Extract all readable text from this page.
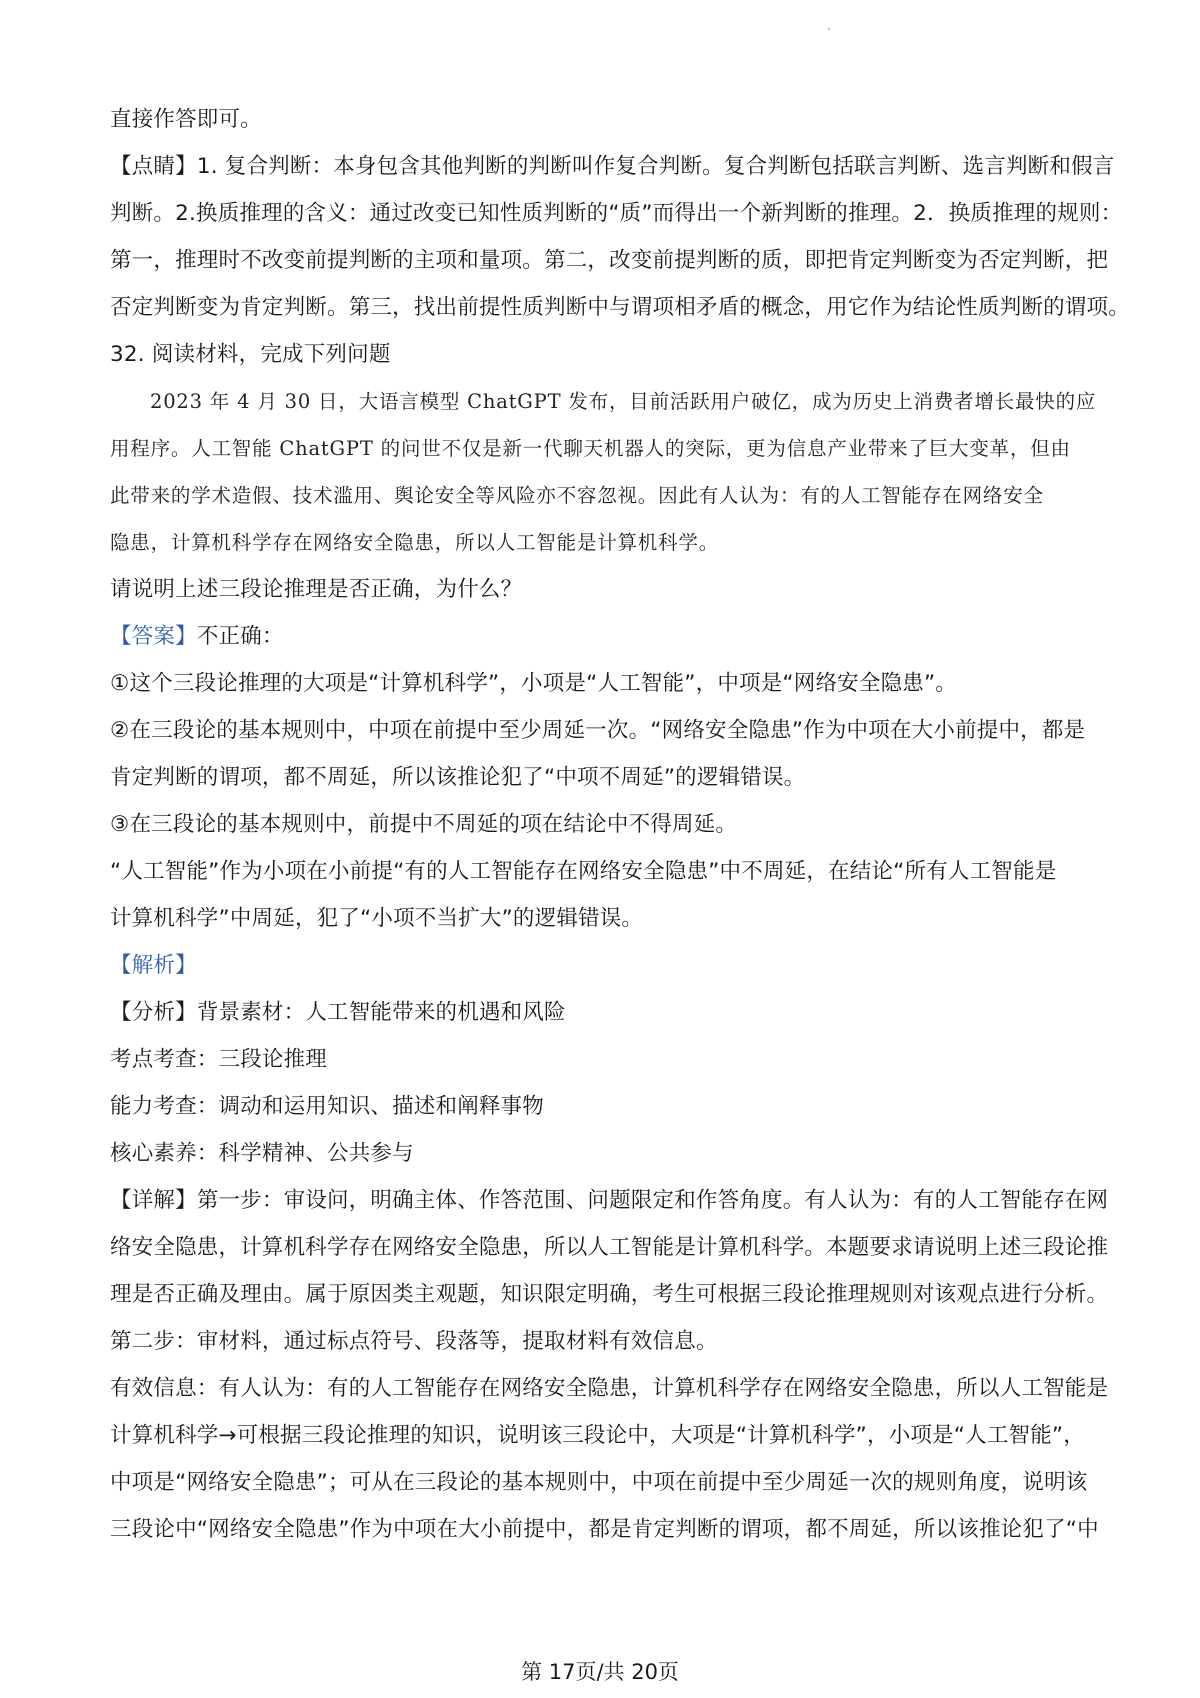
直接作答即可。

【点睛】1. 复合判断：本身包含其他判断的判断叫作复合判断。复合判断包括联言判断、选言判断和假言

判断。2.换质推理的含义：通过改变已知性质判断的“质”而得出一个新判断的推理。2．换质推理的规则：

第一，推理时不改变前提判断的主项和量项。第二，改变前提判断的质，即把肯定判断变为否定判断，把

否定判断变为肯定判断。第三，找出前提性质判断中与谓项相矛盾的概念，用它作为结论性质判断的谓项。

32. 阅读材料，完成下列问题

2023 年 4 月 30 日，大语言模型 ChatGPT 发布，目前活跃用户破亿，成为历史上消费者增长最快的应

用程序。人工智能 ChatGPT 的问世不仅是新一代聊天机器人的突际，更为信息产业带来了巨大变革，但由

此带来的学术造假、技术滥用、舆论安全等风险亦不容忽视。因此有人认为：有的人工智能存在网络安全

隐患，计算机科学存在网络安全隐患，所以人工智能是计算机科学。

请说明上述三段论推理是否正确，为什么？

【答案】不正确：

①这个三段论推理的大项是“计算机科学”，小项是“人工智能”，中项是“网络安全隐患”。

②在三段论的基本规则中，中项在前提中至少周延一次。“网络安全隐患”作为中项在大小前提中，都是

肯定判断的谓项，都不周延，所以该推论犯了“中项不周延”的逻辑错误。

③在三段论的基本规则中，前提中不周延的项在结论中不得周延。

“人工智能”作为小项在小前提“有的人工智能存在网络安全隐患”中不周延，在结论“所有人工智能是

计算机科学”中周延，犯了“小项不当扩大”的逻辑错误。

【解析】

【分析】背景素材：人工智能带来的机遇和风险

考点考查：三段论推理

能力考查：调动和运用知识、描述和阐释事物

核心素养：科学精神、公共参与

【详解】第一步：审设问，明确主体、作答范围、问题限定和作答角度。有人认为：有的人工智能存在网

络安全隐患，计算机科学存在网络安全隐患，所以人工智能是计算机科学。本题要求请说明上述三段论推

理是否正确及理由。属于原因类主观题，知识限定明确，考生可根据三段论推理规则对该观点进行分析。

第二步：审材料，通过标点符号、段落等，提取材料有效信息。

有效信息：有人认为：有的人工智能存在网络安全隐患，计算机科学存在网络安全隐患，所以人工智能是

计算机科学→可根据三段论推理的知识，说明该三段论中，大项是“计算机科学”，小项是“人工智能”，

中项是“网络安全隐患”；可从在三段论的基本规则中，中项在前提中至少周延一次的规则角度，说明该

三段论中“网络安全隐患”作为中项在大小前提中，都是肯定判断的谓项，都不周延，所以该推论犯了“中

第 17页/共 20页
